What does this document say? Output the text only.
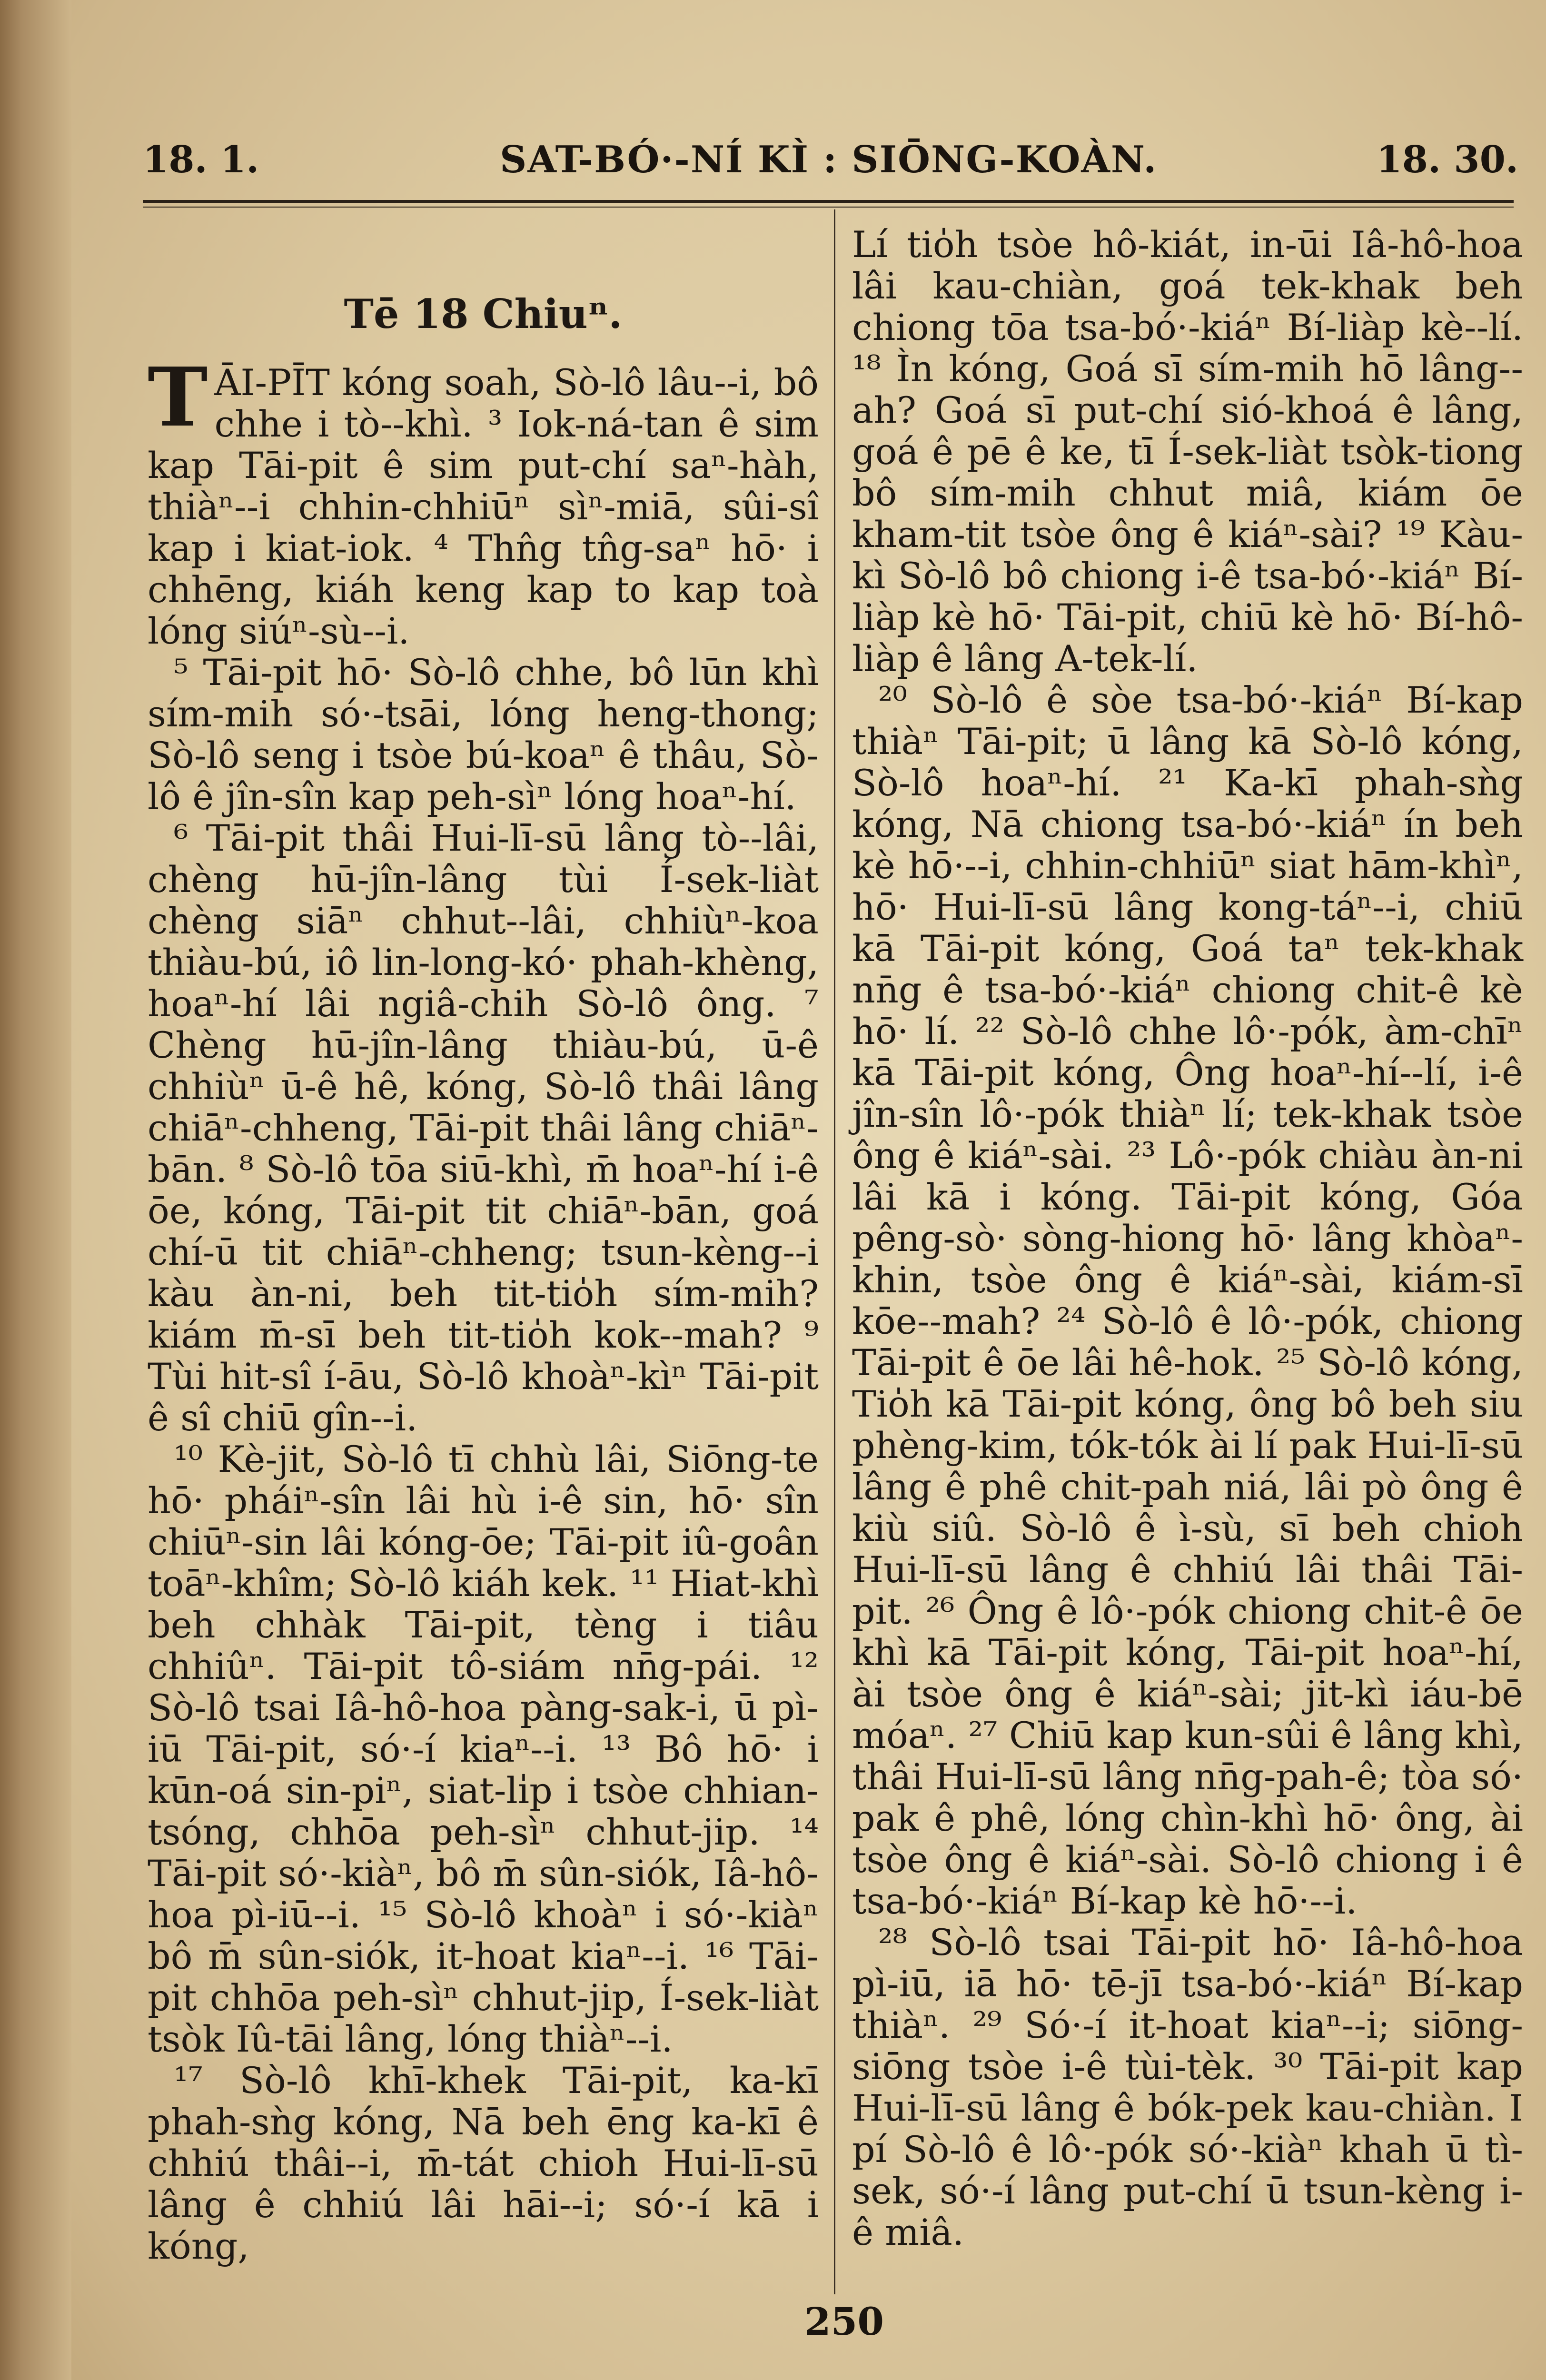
18. 1.	SAT-BÓ·-NÍ KÌ : SIŌNG-KOÀN.	18. 30.
Tē 18 Chiuⁿ.

TĀI-PĪT kóng soah, Sò-lô lâu--i, bô chhe i tò--khì. ³ Iok-ná-tan ê sim kap Tāi-pit ê sim put-chí saⁿ-hàh, thiàⁿ--i chhin-chhiūⁿ sìⁿ-miā, sûi-sî kap i kiat-iok. ⁴ Thn̂g tn̂g-saⁿ hō· i chhēng, kiáh keng kap to kap toà lóng siúⁿ-sù--i.

⁵ Tāi-pit hō· Sò-lô chhe, bô lūn khì sím-mih só·-tsāi, lóng heng-thong; Sò-lô seng i tsòe bú-koaⁿ ê thâu, Sò-lô ê jîn-sîn kap peh-sìⁿ lóng hoaⁿ-hí.

⁶ Tāi-pit thâi Hui-lī-sū lâng tò--lâi, chèng hū-jîn-lâng tùi Í-sek-liàt chèng siāⁿ chhut--lâi, chhiùⁿ-koa thiàu-bú, iô lin-long-kó· phah-khèng, hoaⁿ-hí lâi ngiâ-chih Sò-lô ông. ⁷ Chèng hū-jîn-lâng thiàu-bú, ū-ê chhiùⁿ ū-ê hê, kóng, Sò-lô thâi lâng chiāⁿ-chheng, Tāi-pit thâi lâng chiāⁿ-bān. ⁸ Sò-lô tōa siū-khì, m̄ hoaⁿ-hí i-ê ōe, kóng, Tāi-pit tit chiāⁿ-bān, goá chí-ū tit chiāⁿ-chheng; tsun-kèng--i kàu àn-ni, beh tit-tio̍h sím-mih? kiám m̄-sī beh tit-tio̍h kok--mah? ⁹ Tùi hit-sî í-āu, Sò-lô khoàⁿ-kìⁿ Tāi-pit ê sî chiū gîn--i.

¹⁰ Kè-jit, Sò-lô tī chhù lâi, Siōng-te hō· pháiⁿ-sîn lâi hù i-ê sin, hō· sîn chiūⁿ-sin lâi kóng-ōe; Tāi-pit iû-goân toāⁿ-khîm; Sò-lô kiáh kek. ¹¹ Hiat-khì beh chhàk Tāi-pit, tèng i tiâu chhiûⁿ. Tāi-pit tô-siám nn̄g-pái. ¹² Sò-lô tsai Iâ-hô-hoa pàng-sak-i, ū pì-iū Tāi-pit, só·-í kiaⁿ--i. ¹³ Bô hō· i kūn-oá sin-piⁿ, siat-li̍p i tsòe chhian-tsóng, chhōa peh-sìⁿ chhut-jip. ¹⁴ Tāi-pit só·-kiàⁿ, bô m̄ sûn-siók, Iâ-hô-hoa pì-iū--i. ¹⁵ Sò-lô khoàⁿ i só·-kiàⁿ bô m̄ sûn-siók, it-hoat kiaⁿ--i. ¹⁶ Tāi-pit chhōa peh-sìⁿ chhut-jip, Í-sek-liàt tsòk Iû-tāi lâng, lóng thiàⁿ--i.

¹⁷ Sò-lô khī-khek Tāi-pit, ka-kī phah-sǹg kóng, Nā beh ēng ka-kī ê chhiú thâi--i, m̄-tát chioh Hui-lī-sū lâng ê chhiú lâi hāi--i; só·-í kā i kóng,

Lí tio̍h tsòe hô-kiát, in-ūi Iâ-hô-hoa lâi kau-chiàn, goá tek-khak beh chiong tōa tsa-bó·-kiáⁿ Bí-liàp kè--lí. ¹⁸ Ìn kóng, Goá sī sím-mih hō lâng--ah? Goá sī put-chí sió-khoá ê lâng, goá ê pē ê ke, tī Í-sek-liàt tsòk-tiong bô sím-mih chhut miâ, kiám ōe kham-tit tsòe ông ê kiáⁿ-sài? ¹⁹ Kàu-kì Sò-lô bô chiong i-ê tsa-bó·-kiáⁿ Bí-liàp kè hō· Tāi-pit, chiū kè hō· Bí-hô-liàp ê lâng A-tek-lí.

²⁰ Sò-lô ê sòe tsa-bó·-kiáⁿ Bí-kap thiàⁿ Tāi-pit; ū lâng kā Sò-lô kóng, Sò-lô hoaⁿ-hí. ²¹ Ka-kī phah-sǹg kóng, Nā chiong tsa-bó·-kiáⁿ ín beh kè hō·--i, chhin-chhiūⁿ siat hām-khìⁿ, hō· Hui-lī-sū lâng kong-táⁿ--i, chiū kā Tāi-pit kóng, Goá taⁿ tek-khak nn̄g ê tsa-bó·-kiáⁿ chiong chit-ê kè hō· lí. ²² Sò-lô chhe lô·-pók, àm-chīⁿ kā Tāi-pit kóng, Ông hoaⁿ-hí--lí, i-ê jîn-sîn lô·-pók thiàⁿ lí; tek-khak tsòe ông ê kiáⁿ-sài. ²³ Lô·-pók chiàu àn-ni lâi kā i kóng. Tāi-pit kóng, Góa pêng-sò· sòng-hiong hō· lâng khòaⁿ-khin, tsòe ông ê kiáⁿ-sài, kiám-sī kōe--mah? ²⁴ Sò-lô ê lô·-pók, chiong Tāi-pit ê ōe lâi hê-hok. ²⁵ Sò-lô kóng, Tio̍h kā Tāi-pit kóng, ông bô beh siu phèng-kim, tók-tók ài lí pak Hui-lī-sū lâng ê phê chit-pah niá, lâi pò ông ê kiù siû. Sò-lô ê ì-sù, sī beh chioh Hui-lī-sū lâng ê chhiú lâi thâi Tāi-pit. ²⁶ Ông ê lô·-pók chiong chit-ê ōe khì kā Tāi-pit kóng, Tāi-pit hoaⁿ-hí, ài tsòe ông ê kiáⁿ-sài; jit-kì iáu-bē móaⁿ. ²⁷ Chiū kap kun-sûi ê lâng khì, thâi Hui-lī-sū lâng nn̄g-pah-ê; tòa só· pak ê phê, lóng chìn-khì hō· ông, ài tsòe ông ê kiáⁿ-sài. Sò-lô chiong i ê tsa-bó·-kiáⁿ Bí-kap kè hō·--i.

²⁸ Sò-lô tsai Tāi-pit hō· Iâ-hô-hoa pì-iū, iā hō· tē-jī tsa-bó·-kiáⁿ Bí-kap thiàⁿ. ²⁹ Só·-í it-hoat kiaⁿ--i; siōng-siōng tsòe i-ê tùi-tèk. ³⁰ Tāi-pit kap Hui-lī-sū lâng ê bók-pek kau-chiàn. I pí Sò-lô ê lô·-pók só·-kiàⁿ khah ū tì-sek, só·-í lâng put-chí ū tsun-kèng i-ê miâ.

250
